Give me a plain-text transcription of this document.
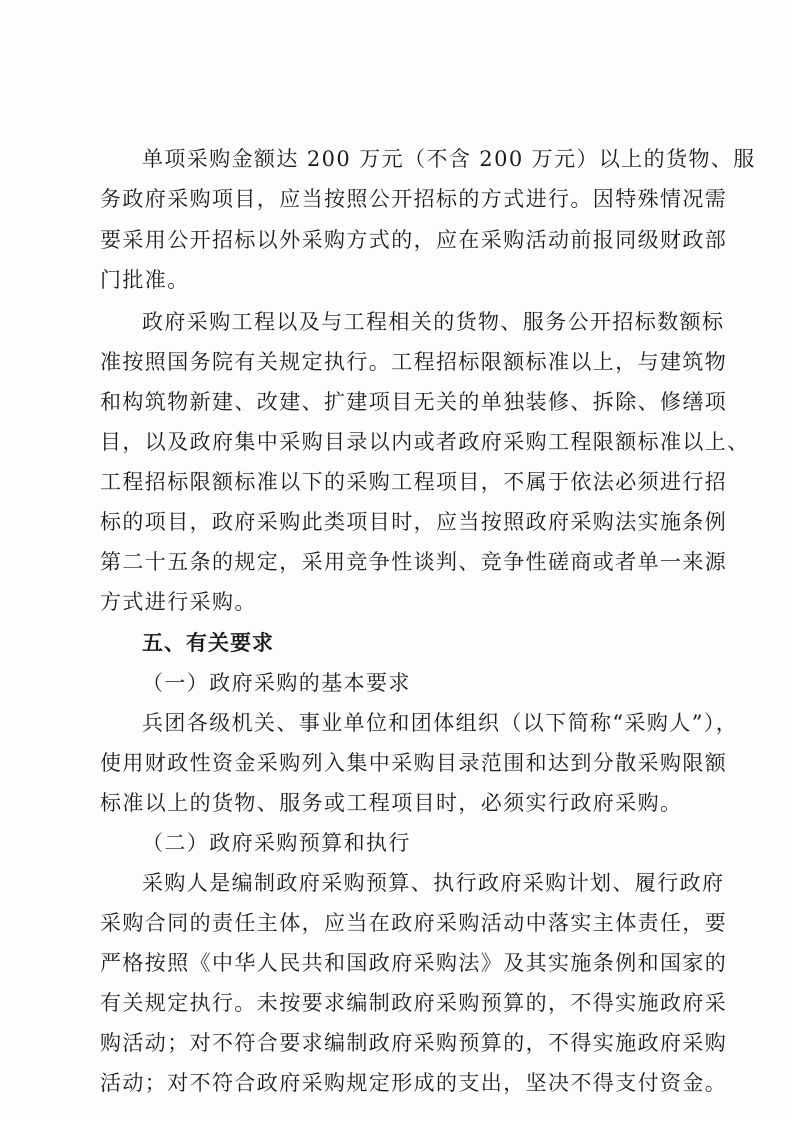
单项采购金额达 200 万元（不含 200 万元）以上的货物、服
务政府采购项目，应当按照公开招标的方式进行。因特殊情况需
要采用公开招标以外采购方式的，应在采购活动前报同级财政部
门批准。
政府采购工程以及与工程相关的货物、服务公开招标数额标
准按照国务院有关规定执行。工程招标限额标准以上，与建筑物
和构筑物新建、改建、扩建项目无关的单独装修、拆除、修缮项
目，以及政府集中采购目录以内或者政府采购工程限额标准以上、
工程招标限额标准以下的采购工程项目，不属于依法必须进行招
标的项目，政府采购此类项目时，应当按照政府采购法实施条例
第二十五条的规定，采用竞争性谈判、竞争性磋商或者单一来源
方式进行采购。
五、有关要求
（一）政府采购的基本要求
兵团各级机关、事业单位和团体组织（以下简称“采购人”），
使用财政性资金采购列入集中采购目录范围和达到分散采购限额
标准以上的货物、服务或工程项目时，必须实行政府采购。
（二）政府采购预算和执行
采购人是编制政府采购预算、执行政府采购计划、履行政府
采购合同的责任主体，应当在政府采购活动中落实主体责任，要
严格按照《中华人民共和国政府采购法》及其实施条例和国家的
有关规定执行。未按要求编制政府采购预算的，不得实施政府采
购活动；对不符合要求编制政府采购预算的，不得实施政府采购
活动；对不符合政府采购规定形成的支出，坚决不得支付资金。
